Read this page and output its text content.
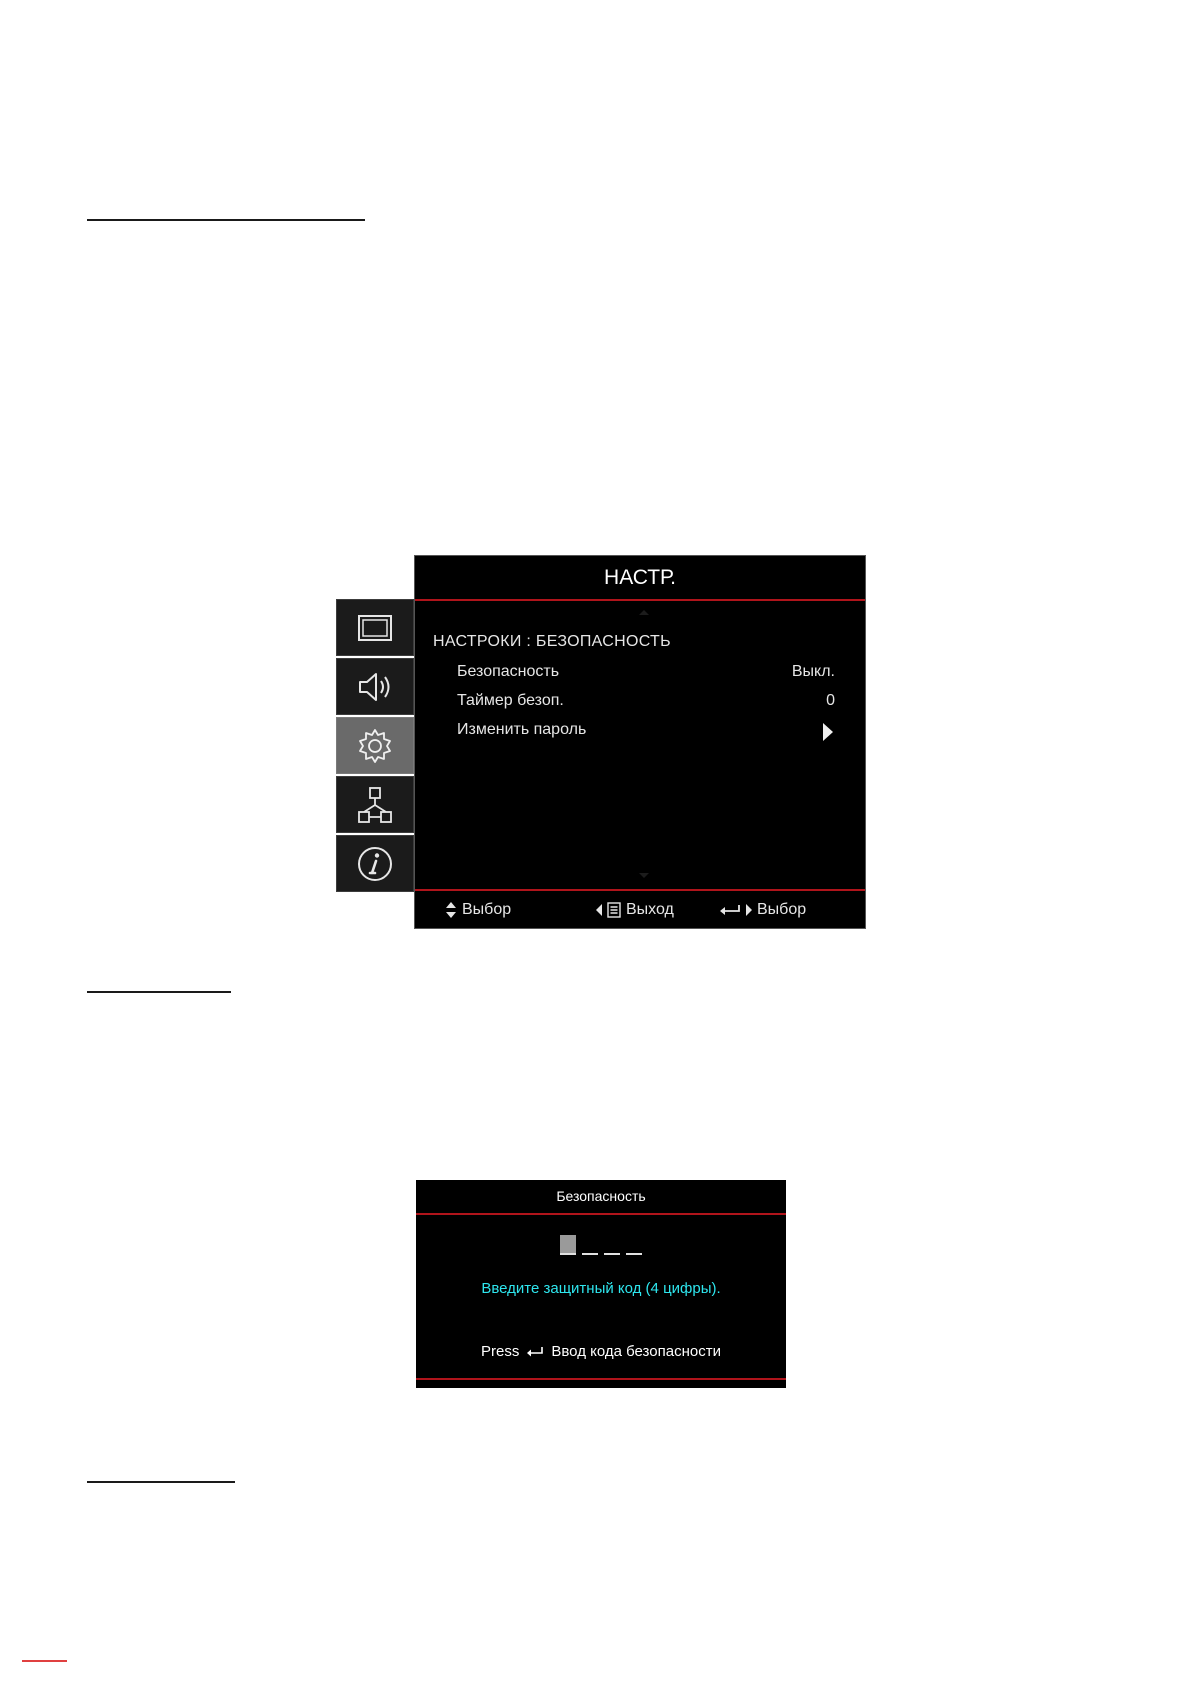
НАСТР.
НАСТРОКИ : БЕЗОПАСНОСТЬ
Безопасность	Выкл.
Таймер безоп.	0
Изменить пароль
Выбор	Выход	Выбор
Безопасность
Введите защитный код (4 цифры).
Press Ввод кода безопасности
